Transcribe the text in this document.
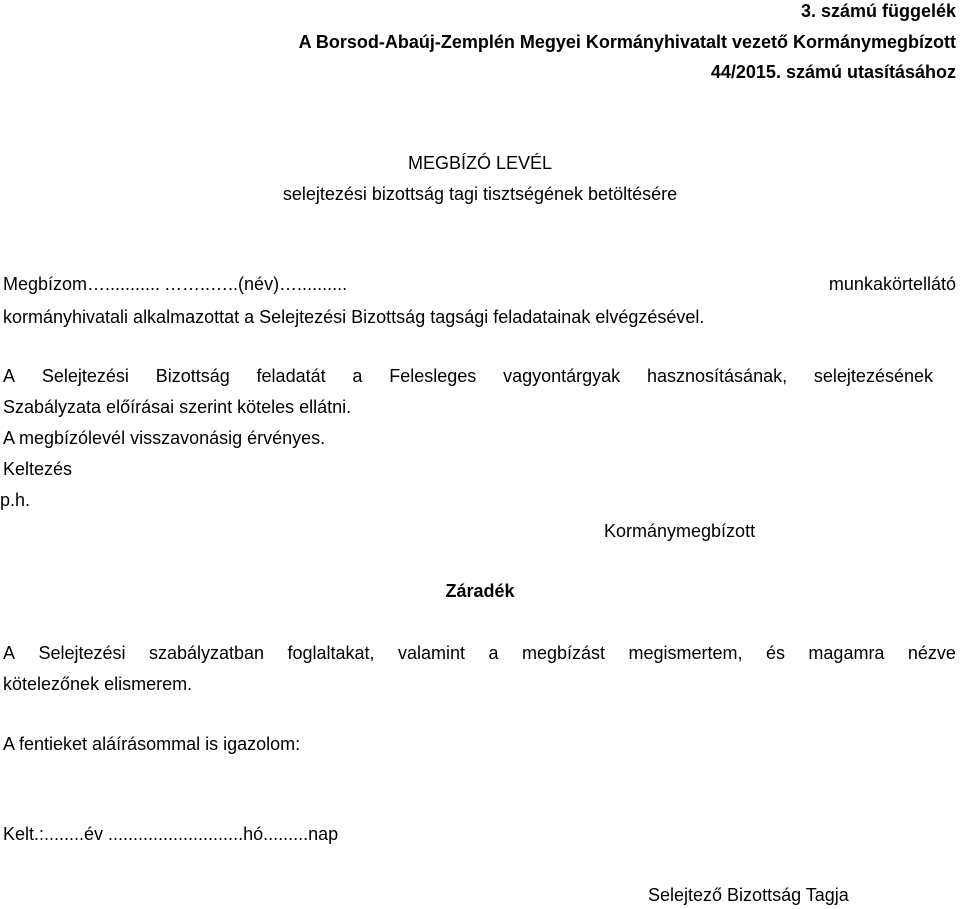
3. számú függelék
A Borsod-Abaúj-Zemplén Megyei Kormányhivatalt vezető Kormánymegbízott
44/2015. számú utasításához
MEGBÍZÓ LEVÉL
selejtezési bizottság tagi tisztségének betöltésére
Megbízom…........... ……..…..(név)…..........	munkakört ellátó
kormányhivatali alkalmazottat a Selejtezési Bizottság tagsági feladatainak elvégzésével.
A Selejtezési Bizottság feladatát a Felesleges vagyontárgyak hasznosításának, selejtezésének
Szabályzata előírásai szerint köteles ellátni.
A megbízólevél visszavonásig érvényes.
Keltezés
p.h.
Kormánymegbízott
Záradék
A Selejtezési szabályzatban foglaltakat, valamint a megbízást megismertem, és magamra nézve
kötelezőnek elismerem.
A fentieket aláírásommal is igazolom:
Kelt.:........év ...........................hó.........nap
Selejtező Bizottság Tagja
